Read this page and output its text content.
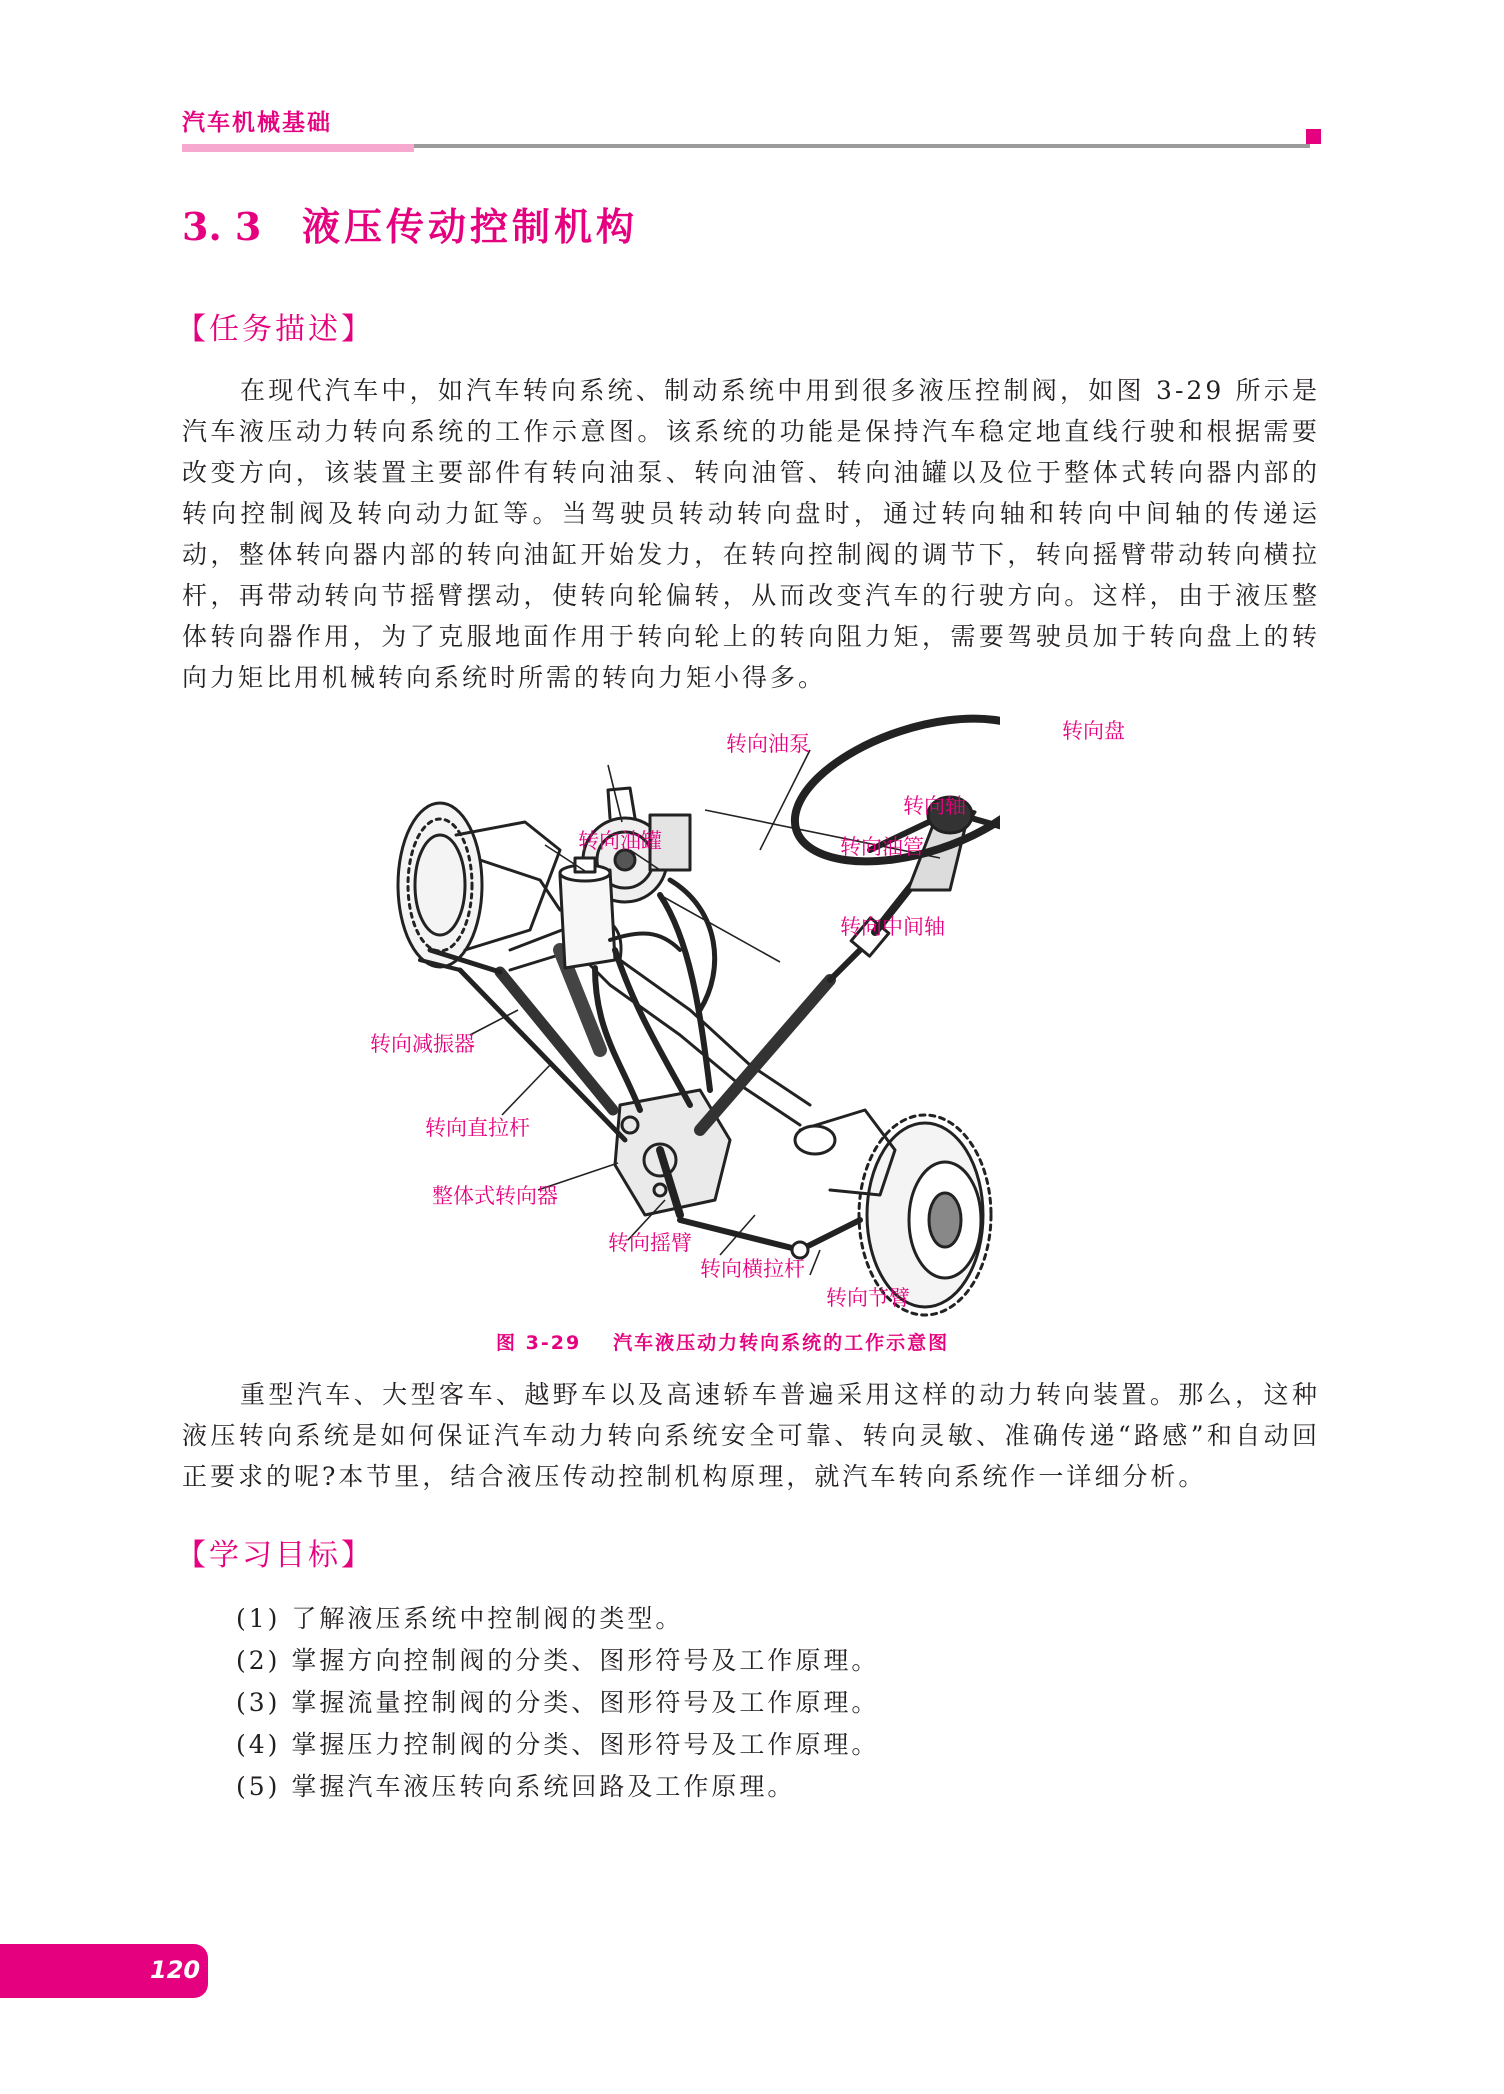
汽车机械基础
3. 3 液压传动控制机构
【任务描述】

在现代汽车中，如汽车转向系统、制动系统中用到很多液压控制阀，如图 3-29 所示是汽车液压动力转向系统的工作示意图。该系统的功能是保持汽车稳定地直线行驶和根据需要改变方向，该装置主要部件有转向油泵、转向油管、转向油罐以及位于整体式转向器内部的转向控制阀及转向动力缸等。当驾驶员转动转向盘时，通过转向轴和转向中间轴的传递运动，整体转向器内部的转向油缸开始发力，在转向控制阀的调节下，转向摇臂带动转向横拉杆，再带动转向节摇臂摆动，使转向轮偏转，从而改变汽车的行驶方向。这样，由于液压整体转向器作用，为了克服地面作用于转向轮上的转向阻力矩，需要驾驶员加于转向盘上的转向力矩比用机械转向系统时所需的转向力矩小得多。

转向油泵
转向盘
转向轴
转向油罐	转向油管
转向中间轴
转向减振器
转向直拉杆
整体式转向器
转向摇臂
转向横拉杆
转向节臂
图 3-29 汽车液压动力转向系统的工作示意图

重型汽车、大型客车、越野车以及高速轿车普遍采用这样的动力转向装置。那么，这种液压转向系统是如何保证汽车动力转向系统安全可靠、转向灵敏、准确传递“路感”和自动回正要求的呢?本节里，结合液压传动控制机构原理，就汽车转向系统作一详细分析。

【学习目标】
(1) 了解液压系统中控制阀的类型。
(2) 掌握方向控制阀的分类、图形符号及工作原理。
(3) 掌握流量控制阀的分类、图形符号及工作原理。
(4) 掌握压力控制阀的分类、图形符号及工作原理。
(5) 掌握汽车液压转向系统回路及工作原理。
120
